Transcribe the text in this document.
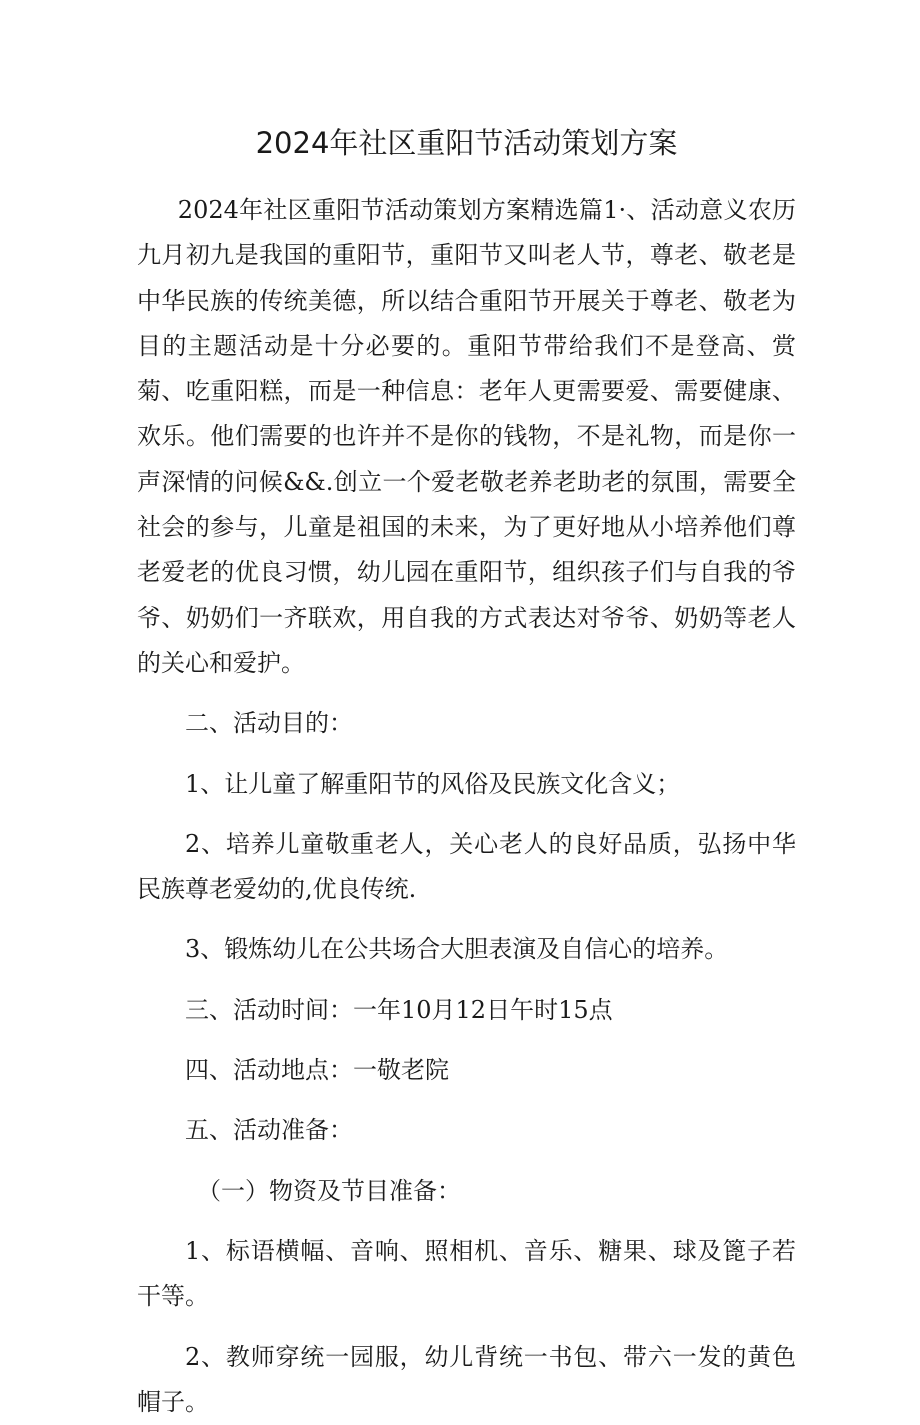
2024年社区重阳节活动策划方案

2024年社区重阳节活动策划方案精选篇1·、活动意义农历九月初九是我国的重阳节，重阳节又叫老人节，尊老、敬老是中华民族的传统美德，所以结合重阳节开展关于尊老、敬老为目的主题活动是十分必要的。重阳节带给我们不是登高、赏菊、吃重阳糕，而是一种信息：老年人更需要爱、需要健康、欢乐。他们需要的也许并不是你的钱物，不是礼物，而是你一声深情的问候&&.创立一个爱老敬老养老助老的氛围，需要全社会的参与，儿童是祖国的未来，为了更好地从小培养他们尊老爱老的优良习惯，幼儿园在重阳节，组织孩子们与自我的爷爷、奶奶们一齐联欢，用自我的方式表达对爷爷、奶奶等老人的关心和爱护。

二、活动目的：

1、让儿童了解重阳节的风俗及民族文化含义；

2、培养儿童敬重老人，关心老人的良好品质，弘扬中华民族尊老爱幼的,优良传统.

3、锻炼幼儿在公共场合大胆表演及自信心的培养。

三、活动时间：一年10月12日午时15点

四、活动地点：一敬老院

五、活动准备：

（一）物资及节目准备：

1、标语横幅、音响、照相机、音乐、糖果、球及篦子若干等。

2、教师穿统一园服，幼儿背统一书包、带六一发的黄色帽子。
